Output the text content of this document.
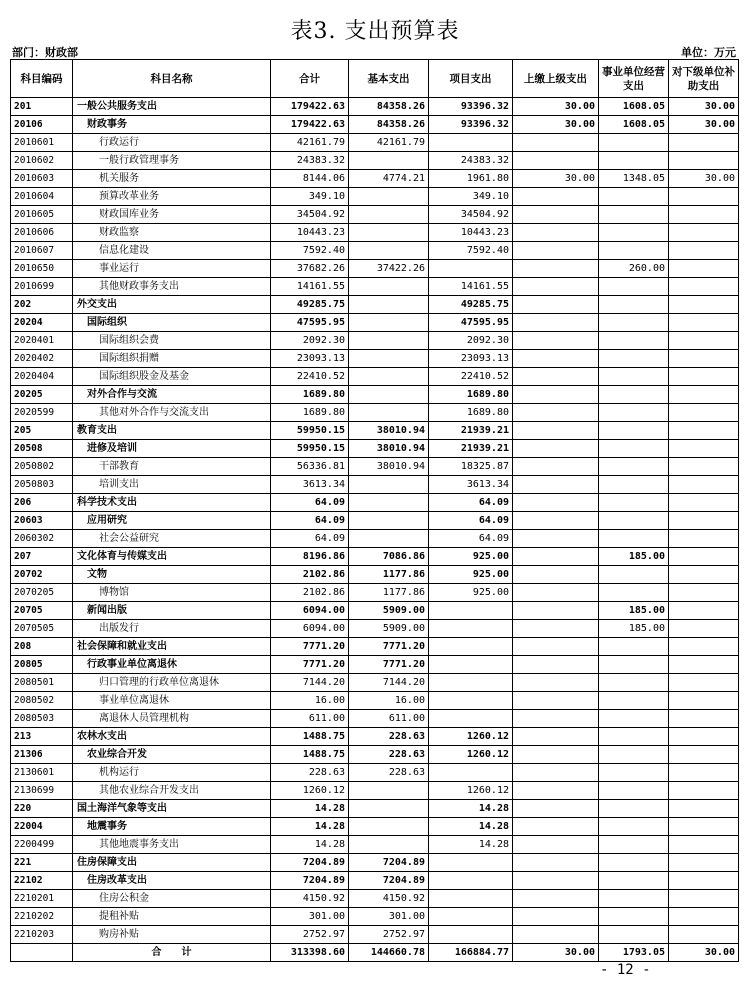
表3. 支出预算表
部门：财政部	单位：万元
科目编码	科目名称	合计	基本支出	项目支出	上缴上级支出	事业单位经营支出	对下级单位补助支出
201	一般公共服务支出	179422.63	84358.26	93396.32	30.00	1608.05	30.00
20106	财政事务	179422.63	84358.26	93396.32	30.00	1608.05	30.00
2010601	行政运行	42161.79	42161.79				
2010602	一般行政管理事务	24383.32		24383.32			
2010603	机关服务	8144.06	4774.21	1961.80	30.00	1348.05	30.00
2010604	预算改革业务	349.10		349.10			
2010605	财政国库业务	34504.92		34504.92			
2010606	财政监察	10443.23		10443.23			
2010607	信息化建设	7592.40		7592.40			
2010650	事业运行	37682.26	37422.26			260.00	
2010699	其他财政事务支出	14161.55		14161.55			
202	外交支出	49285.75		49285.75			
20204	国际组织	47595.95		47595.95			
2020401	国际组织会费	2092.30		2092.30			
2020402	国际组织捐赠	23093.13		23093.13			
2020404	国际组织股金及基金	22410.52		22410.52			
20205	对外合作与交流	1689.80		1689.80			
2020599	其他对外合作与交流支出	1689.80		1689.80			
205	教育支出	59950.15	38010.94	21939.21			
20508	进修及培训	59950.15	38010.94	21939.21			
2050802	干部教育	56336.81	38010.94	18325.87			
2050803	培训支出	3613.34		3613.34			
206	科学技术支出	64.09		64.09			
20603	应用研究	64.09		64.09			
2060302	社会公益研究	64.09		64.09			
207	文化体育与传媒支出	8196.86	7086.86	925.00		185.00	
20702	文物	2102.86	1177.86	925.00			
2070205	博物馆	2102.86	1177.86	925.00			
20705	新闻出版	6094.00	5909.00			185.00	
2070505	出版发行	6094.00	5909.00			185.00	
208	社会保障和就业支出	7771.20	7771.20				
20805	行政事业单位离退休	7771.20	7771.20				
2080501	归口管理的行政单位离退休	7144.20	7144.20				
2080502	事业单位离退休	16.00	16.00				
2080503	离退休人员管理机构	611.00	611.00				
213	农林水支出	1488.75	228.63	1260.12			
21306	农业综合开发	1488.75	228.63	1260.12			
2130601	机构运行	228.63	228.63				
2130699	其他农业综合开发支出	1260.12		1260.12			
220	国土海洋气象等支出	14.28		14.28			
22004	地震事务	14.28		14.28			
2200499	其他地震事务支出	14.28		14.28			
221	住房保障支出	7204.89	7204.89				
22102	住房改革支出	7204.89	7204.89				
2210201	住房公积金	4150.92	4150.92				
2210202	提租补贴	301.00	301.00				
2210203	购房补贴	2752.97	2752.97				
	合　　计	313398.60	144660.78	166884.77	30.00	1793.05	30.00
- 12 -
